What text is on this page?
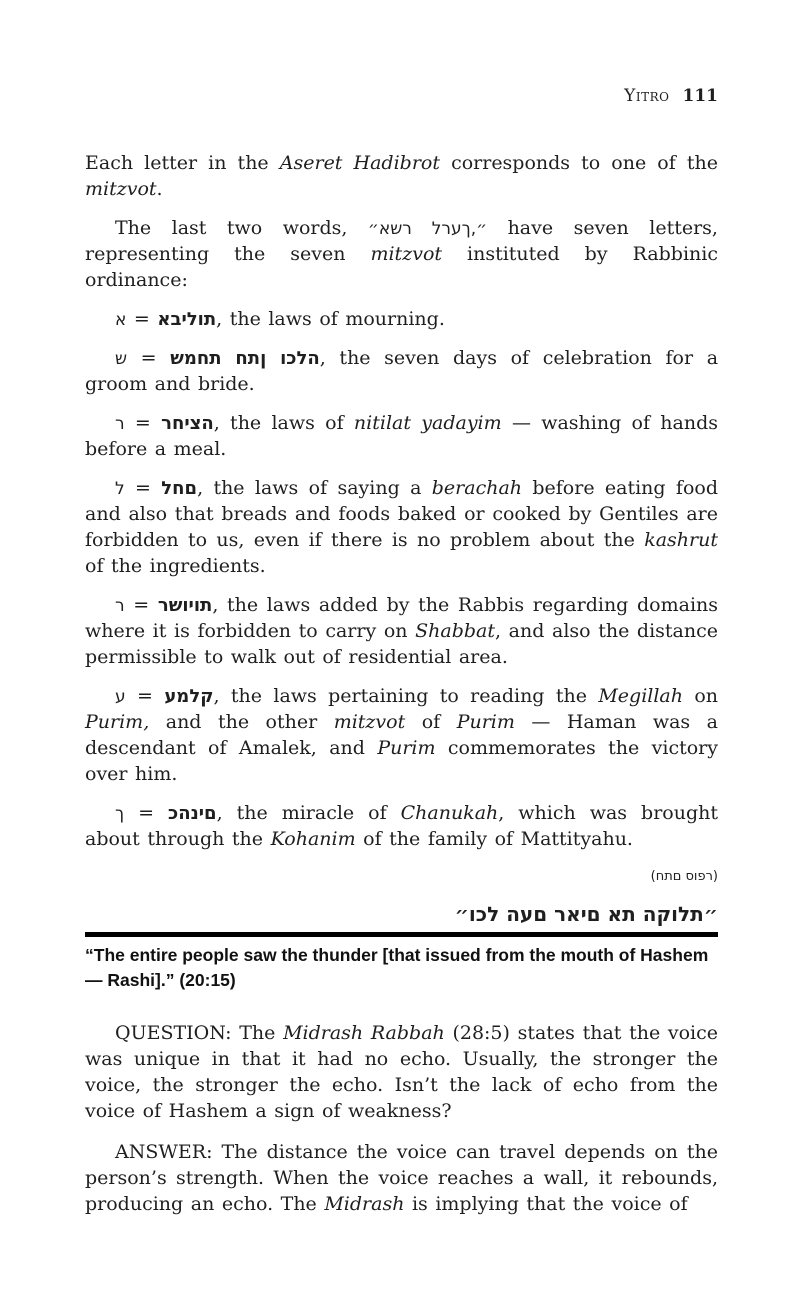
Yitro 111

Each letter in the Aseret Hadibrot corresponds to one of the mitzvot.

The last two words, ״אשר לרעך,״ have seven letters, representing the seven mitzvot instituted by Rabbinic ordinance:

א = אבילות, the laws of mourning.

ש = שמחת חתן וכלה, the seven days of celebration for a groom and bride.

ר = רחיצה, the laws of nitilat yadayim — washing of hands before a meal.

ל = לחם, the laws of saying a berachah before eating food and also that breads and foods baked or cooked by Gentiles are forbidden to us, even if there is no problem about the kashrut of the ingredients.

ר = רשויות, the laws added by the Rabbis regarding domains where it is forbidden to carry on Shabbat, and also the distance permissible to walk out of residential area.

ע = עמלק, the laws pertaining to reading the Megillah on Purim, and the other mitzvot of Purim — Haman was a descendant of Amalek, and Purim commemorates the victory over him.

ך = כהנים, the miracle of Chanukah, which was brought about through the Kohanim of the family of Mattityahu.

(חתם סופר)
״וכל העם ראים את הקולת״
“The entire people saw the thunder [that issued from the mouth of Hashem — Rashi].” (20:15)

QUESTION: The Midrash Rabbah (28:5) states that the voice was unique in that it had no echo. Usually, the stronger the voice, the stronger the echo. Isn’t the lack of echo from the voice of Hashem a sign of weakness?

ANSWER: The distance the voice can travel depends on the person’s strength. When the voice reaches a wall, it rebounds, producing an echo. The Midrash is implying that the voice of
